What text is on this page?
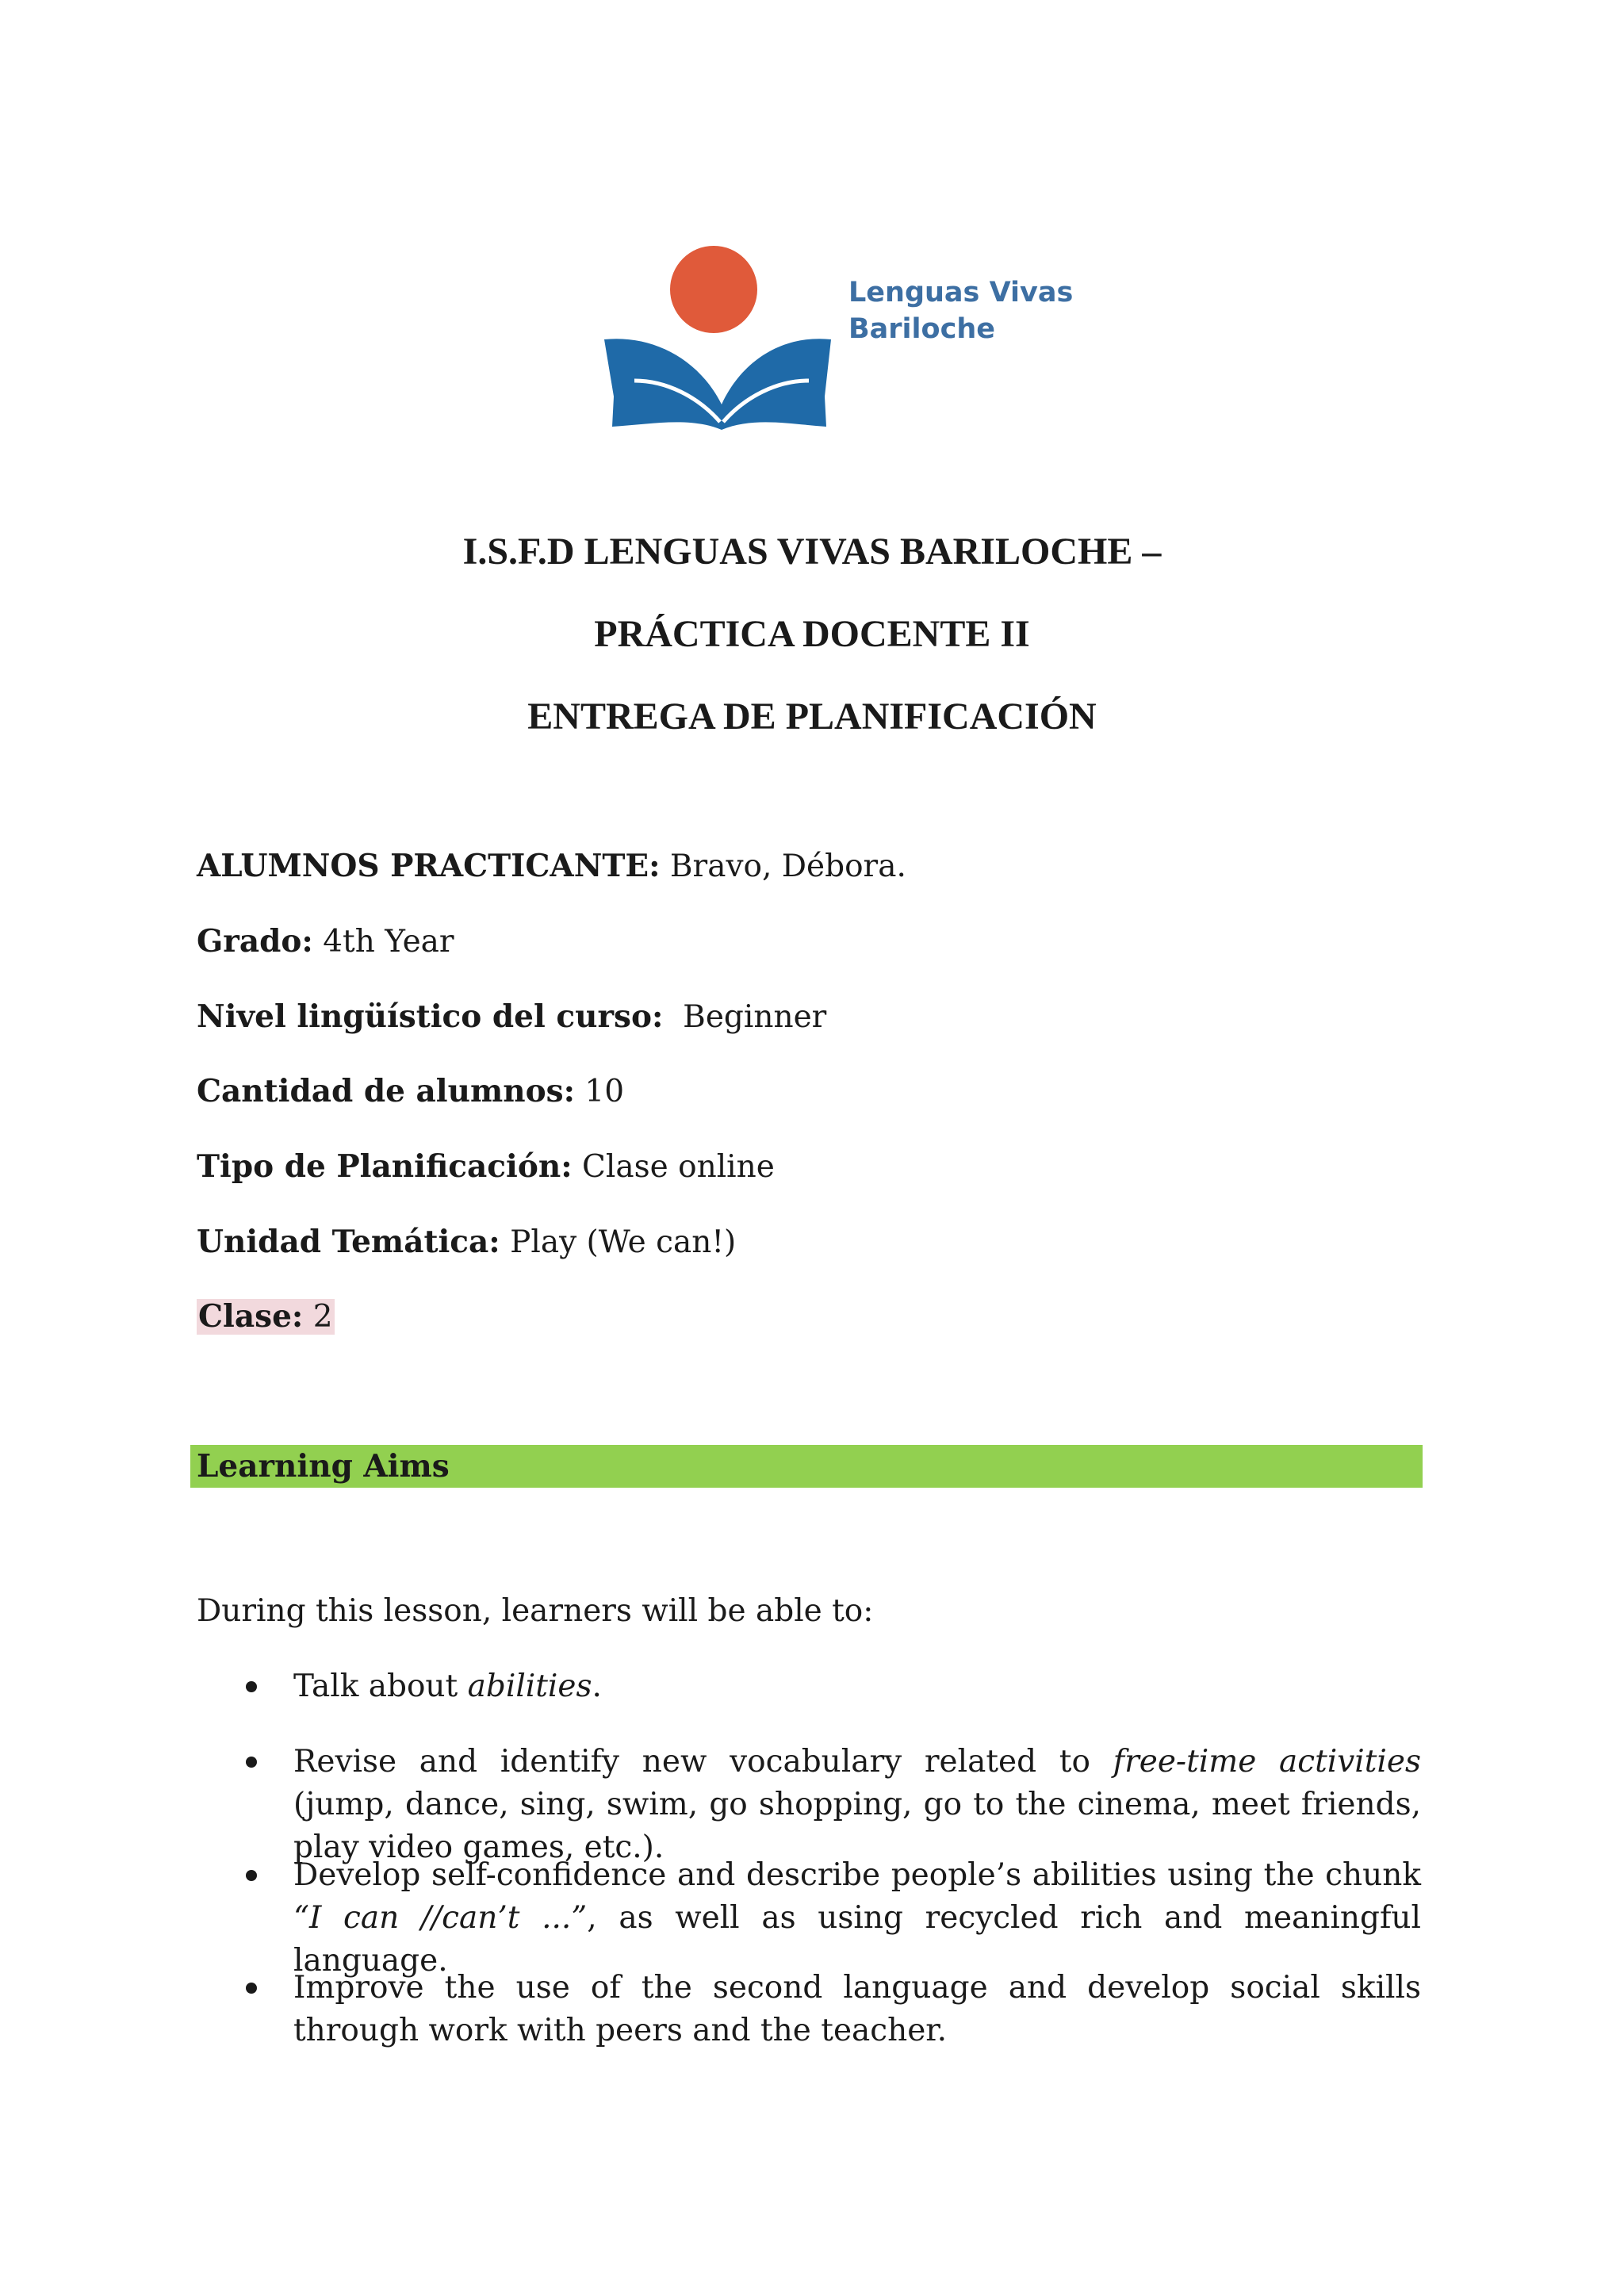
Lenguas Vivas
Bariloche
I.S.F.D LENGUAS VIVAS BARILOCHE –
PRÁCTICA DOCENTE II
ENTREGA DE PLANIFICACIÓN
ALUMNOS PRACTICANTE: Bravo, Débora.
Grado: 4th Year
Nivel lingüístico del curso:  Beginner
Cantidad de alumnos: 10
Tipo de Planificación: Clase online
Unidad Temática: Play (We can!)
Clase: 2
Learning Aims
During this lesson, learners will be able to:
Talk about abilities.
Revise and identify new vocabulary related to free-time activities (jump, dance, sing, swim, go shopping, go to the cinema, meet friends, play video games, etc.).
Develop self-confidence and describe people’s abilities using the chunk “I can //can’t ...”, as well as using recycled rich and meaningful language.
Improve the use of the second language and develop social skills through work with peers and the teacher.
